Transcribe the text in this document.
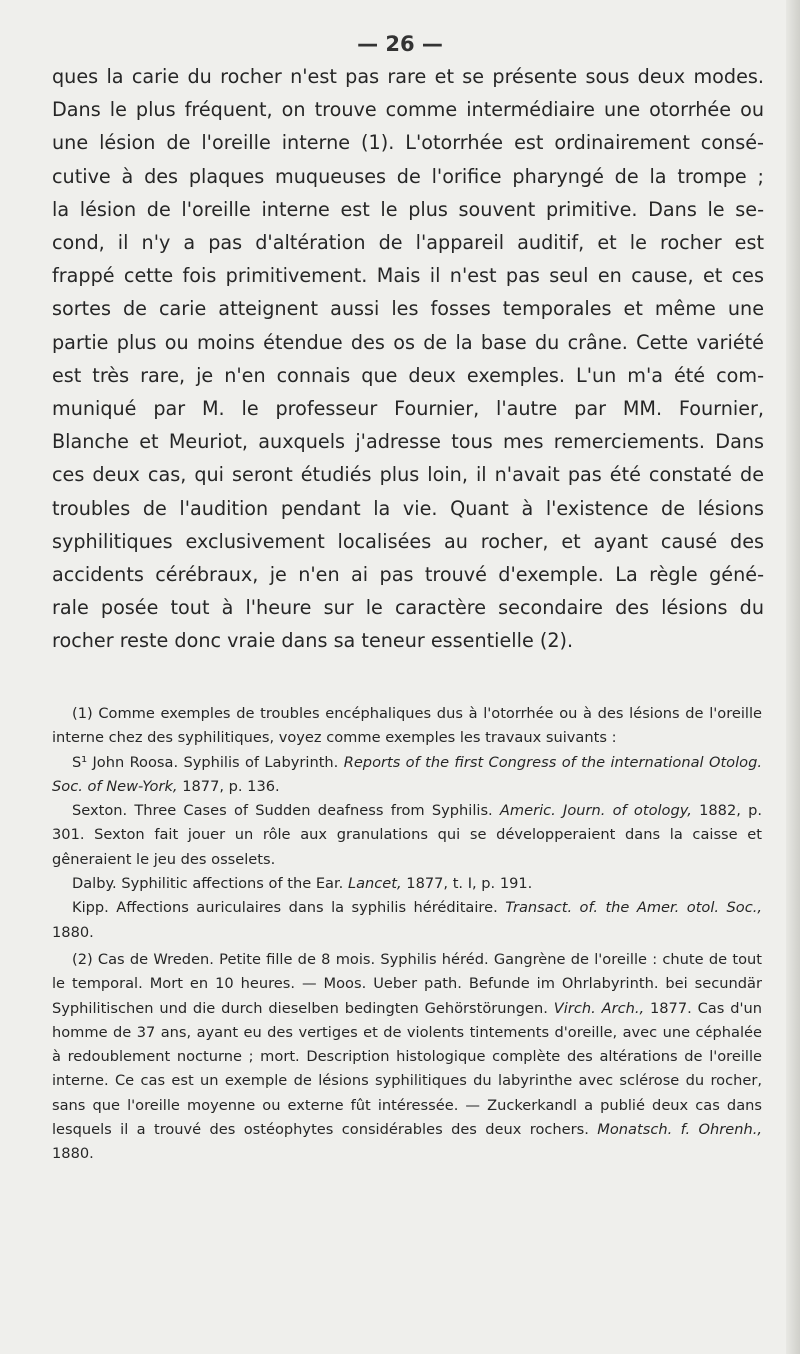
— 26 —
ques la carie du rocher n'est pas rare et se présente sous deux modes.
Dans le plus fréquent, on trouve comme intermédiaire une otorrhée ou
une lésion de l'oreille interne (1). L'otorrhée est ordinairement consé-
cutive à des plaques muqueuses de l'orifice pharyngé de la trompe ;
la lésion de l'oreille interne est le plus souvent primitive. Dans le se-
cond, il n'y a pas d'altération de l'appareil auditif, et le rocher est
frappé cette fois primitivement. Mais il n'est pas seul en cause, et ces
sortes de carie atteignent aussi les fosses temporales et même une
partie plus ou moins étendue des os de la base du crâne. Cette variété
est très rare, je n'en connais que deux exemples. L'un m'a été com-
muniqué par M. le professeur Fournier, l'autre par MM. Fournier,
Blanche et Meuriot, auxquels j'adresse tous mes remerciements. Dans
ces deux cas, qui seront étudiés plus loin, il n'avait pas été constaté de
troubles de l'audition pendant la vie. Quant à l'existence de lésions
syphilitiques exclusivement localisées au rocher, et ayant causé des
accidents cérébraux, je n'en ai pas trouvé d'exemple. La règle géné-
rale posée tout à l'heure sur le caractère secondaire des lésions du
rocher reste donc vraie dans sa teneur essentielle (2).

(1) Comme exemples de troubles encéphaliques dus à l'otorrhée ou à des lésions de l'oreille interne chez des syphilitiques, voyez comme exemples les travaux suivants :

S¹ John Roosa. Syphilis of Labyrinth. Reports of the first Congress of the international Otolog. Soc. of New-York, 1877, p. 136.

Sexton. Three Cases of Sudden deafness from Syphilis. Americ. Journ. of otology, 1882, p. 301. Sexton fait jouer un rôle aux granulations qui se développeraient dans la caisse et gêneraient le jeu des osselets.

Dalby. Syphilitic affections of the Ear. Lancet, 1877, t. I, p. 191.

Kipp. Affections auriculaires dans la syphilis héréditaire. Transact. of. the Amer. otol. Soc., 1880.

(2) Cas de Wreden. Petite fille de 8 mois. Syphilis héréd. Gangrène de l'oreille : chute de tout le temporal. Mort en 10 heures. — Moos. Ueber path. Befunde im Ohrlabyrinth. bei secundär Syphilitischen und die durch dieselben bedingten Gehörstörungen. Virch. Arch., 1877. Cas d'un homme de 37 ans, ayant eu des vertiges et de violents tintements d'oreille, avec une céphalée à redoublement nocturne ; mort. Description histologique complète des altérations de l'oreille interne. Ce cas est un exemple de lésions syphilitiques du labyrinthe avec sclérose du rocher, sans que l'oreille moyenne ou externe fût intéressée. — Zuckerkandl a publié deux cas dans lesquels il a trouvé des ostéophytes considérables des deux rochers. Monatsch. f. Ohrenh., 1880.
